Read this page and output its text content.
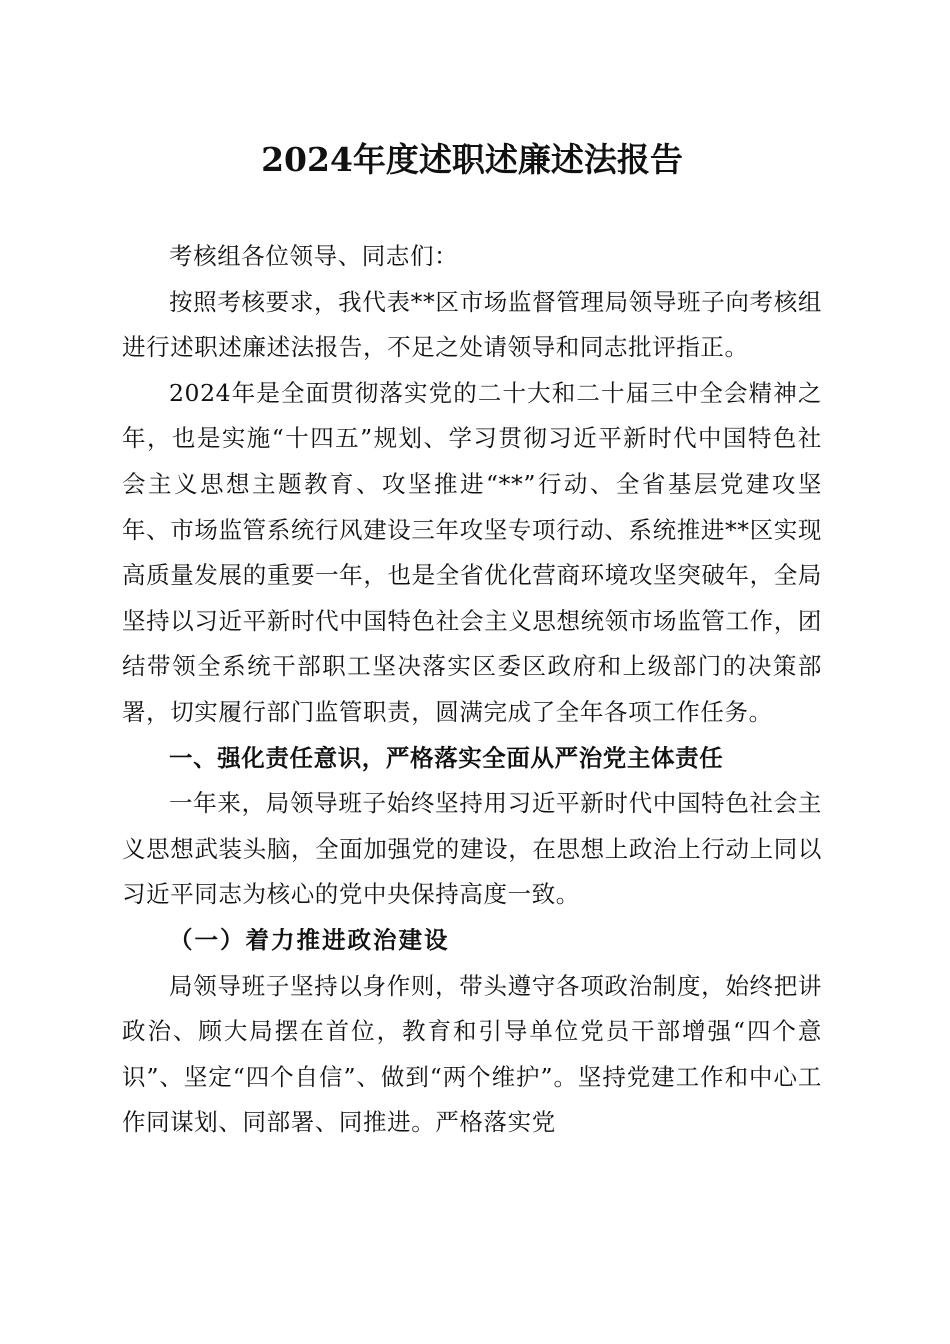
2024年度述职述廉述法报告

考核组各位领导、同志们：

按照考核要求，我代表**区市场监督管理局领导班子向考核组进行述职述廉述法报告，不足之处请领导和同志批评指正。

2024年是全面贯彻落实党的二十大和二十届三中全会精神之年，也是实施“十四五”规划、学习贯彻习近平新时代中国特色社会主义思想主题教育、攻坚推进“**”行动、全省基层党建攻坚年、市场监管系统行风建设三年攻坚专项行动、系统推进**区实现高质量发展的重要一年，也是全省优化营商环境攻坚突破年，全局坚持以习近平新时代中国特色社会主义思想统领市场监管工作，团结带领全系统干部职工坚决落实区委区政府和上级部门的决策部署，切实履行部门监管职责，圆满完成了全年各项工作任务。

一、强化责任意识，严格落实全面从严治党主体责任

一年来，局领导班子始终坚持用习近平新时代中国特色社会主义思想武装头脑，全面加强党的建设，在思想上政治上行动上同以习近平同志为核心的党中央保持高度一致。

（一）着力推进政治建设

局领导班子坚持以身作则，带头遵守各项政治制度，始终把讲政治、顾大局摆在首位，教育和引导单位党员干部增强“四个意识”、坚定“四个自信”、做到“两个维护”。坚持党建工作和中心工作同谋划、同部署、同推进。严格落实党
